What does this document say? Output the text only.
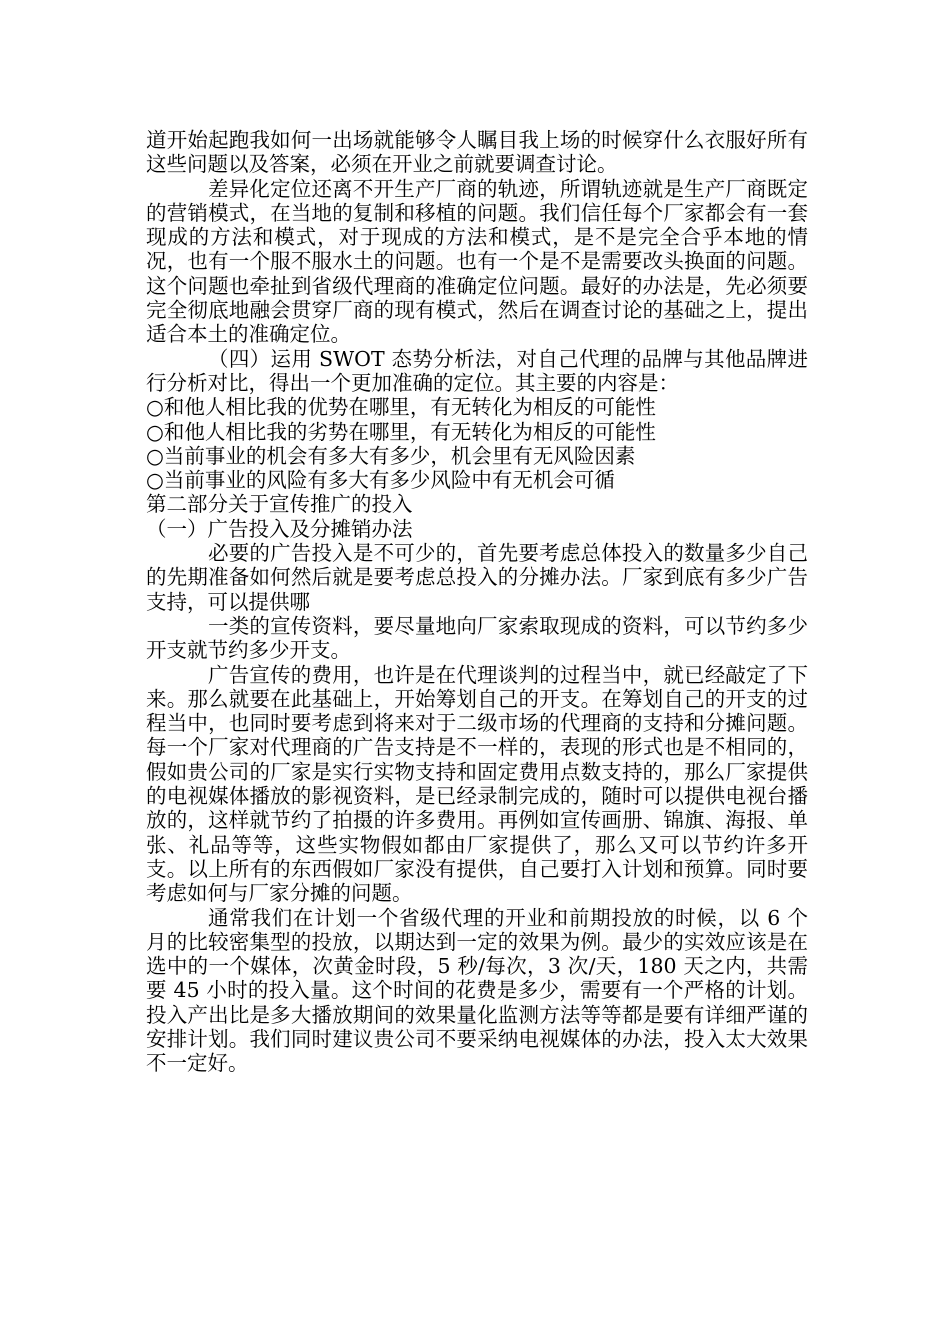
道开始起跑我如何一出场就能够令人瞩目我上场的时候穿什么衣服好所有这些问题以及答案，必须在开业之前就要调查讨论。

差异化定位还离不开生产厂商的轨迹，所谓轨迹就是生产厂商既定的营销模式，在当地的复制和移植的问题。我们信任每个厂家都会有一套现成的方法和模式，对于现成的方法和模式，是不是完全合乎本地的情况，也有一个服不服水土的问题。也有一个是不是需要改头换面的问题。这个问题也牵扯到省级代理商的准确定位问题。最好的办法是，先必须要完全彻底地融会贯穿厂商的现有模式，然后在调查讨论的基础之上，提出适合本土的准确定位。

（四）运用 SWOT 态势分析法，对自己代理的品牌与其他品牌进行分析对比，得出一个更加准确的定位。其主要的内容是：

○和他人相比我的优势在哪里，有无转化为相反的可能性

○和他人相比我的劣势在哪里，有无转化为相反的可能性

○当前事业的机会有多大有多少，机会里有无风险因素

○当前事业的风险有多大有多少风险中有无机会可循

第二部分关于宣传推广的投入

（一）广告投入及分摊销办法

必要的广告投入是不可少的，首先要考虑总体投入的数量多少自己的先期准备如何然后就是要考虑总投入的分摊办法。厂家到底有多少广告支持，可以提供哪

一类的宣传资料，要尽量地向厂家索取现成的资料，可以节约多少开支就节约多少开支。

广告宣传的费用，也许是在代理谈判的过程当中，就已经敲定了下来。那么就要在此基础上，开始筹划自己的开支。在筹划自己的开支的过程当中，也同时要考虑到将来对于二级市场的代理商的支持和分摊问题。每一个厂家对代理商的广告支持是不一样的，表现的形式也是不相同的，假如贵公司的厂家是实行实物支持和固定费用点数支持的，那么厂家提供的电视媒体播放的影视资料，是已经录制完成的，随时可以提供电视台播放的，这样就节约了拍摄的许多费用。再例如宣传画册、锦旗、海报、单张、礼品等等，这些实物假如都由厂家提供了，那么又可以节约许多开支。以上所有的东西假如厂家没有提供，自己要打入计划和预算。同时要考虑如何与厂家分摊的问题。

通常我们在计划一个省级代理的开业和前期投放的时候，以 6 个月的比较密集型的投放，以期达到一定的效果为例。最少的实效应该是在选中的一个媒体，次黄金时段，5 秒/每次，3 次/天，180 天之内，共需要 45 小时的投入量。这个时间的花费是多少，需要有一个严格的计划。投入产出比是多大播放期间的效果量化监测方法等等都是要有详细严谨的安排计划。我们同时建议贵公司不要采纳电视媒体的办法，投入太大效果不一定好。
